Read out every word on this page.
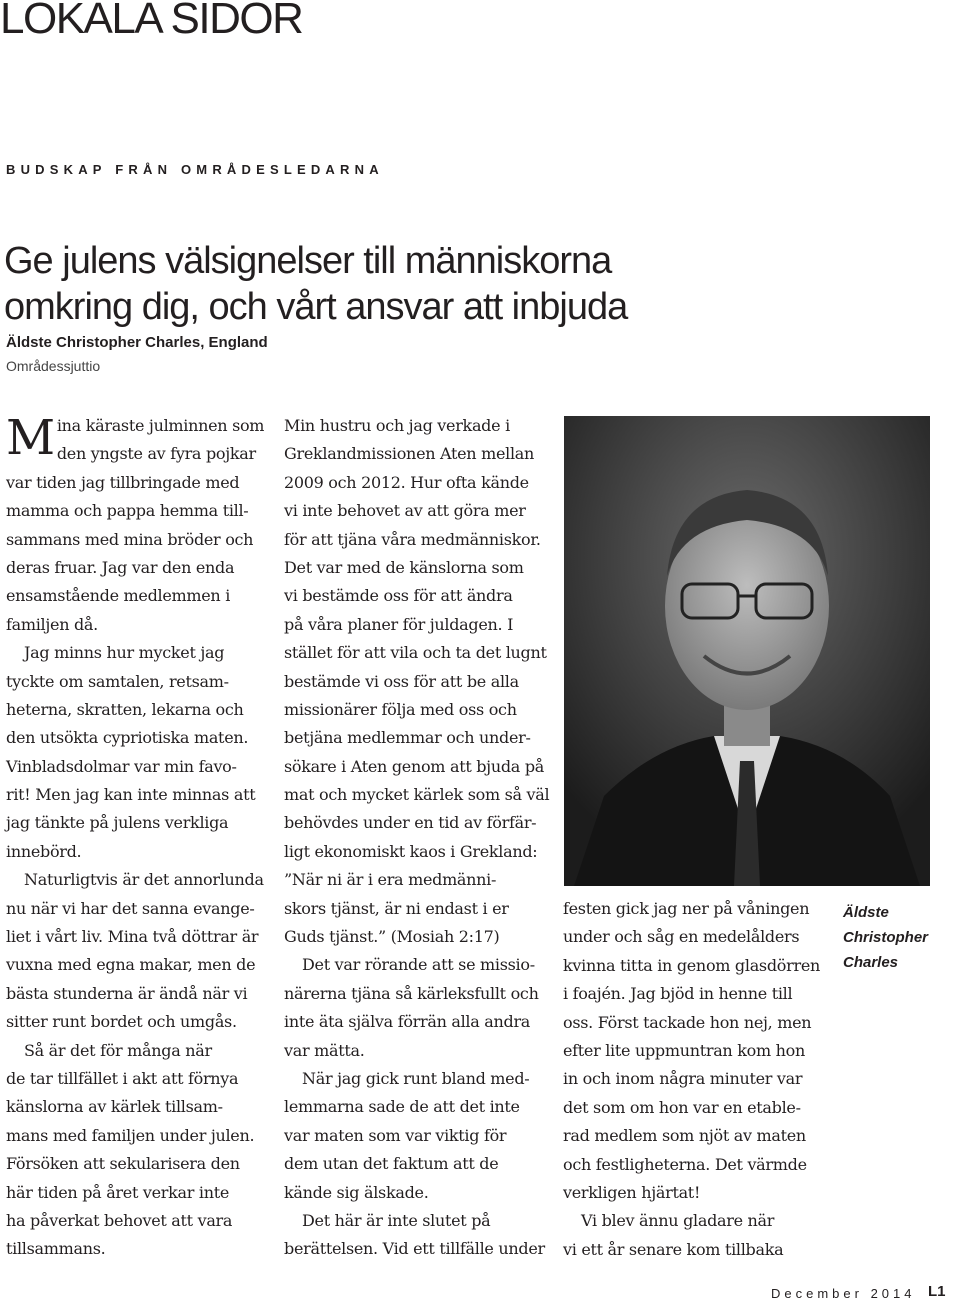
LOKALA SIDOR
BUDSKAP FRÅN OMRÅDESLEDARNA
Ge julens välsignelser till människorna
omkring dig, och vårt ansvar att inbjuda
Äldste Christopher Charles, England
Områdessjuttio
M ina käraste julminnen som
den yngste av fyra pojkar
var tiden jag tillbringade med
mamma och pappa hemma till-
sammans med mina bröder och
deras fruar. Jag var den enda
ensamstående medlemmen i
familjen då.
Jag minns hur mycket jag
tyckte om samtalen, retsam-
heterna, skratten, lekarna och
den utsökta cypriotiska maten.
Vinbladsdolmar var min favo-
rit! Men jag kan inte minnas att
jag tänkte på julens verkliga
innebörd.
Naturligtvis är det annorlunda
nu när vi har det sanna evange-
liet i vårt liv. Mina två döttrar är
vuxna med egna makar, men de
bästa stunderna är ändå när vi
sitter runt bordet och umgås.
Så är det för många när
de tar tillfället i akt att förnya
känslorna av kärlek tillsam-
mans med familjen under julen.
Försöken att sekularisera den
här tiden på året verkar inte
ha påverkat behovet att vara
tillsammans.
Min hustru och jag verkade i
Greklandmissionen Aten mellan
2009 och 2012. Hur ofta kände
vi inte behovet av att göra mer
för att tjäna våra medmänniskor.
Det var med de känslorna som
vi bestämde oss för att ändra
på våra planer för juldagen. I
stället för att vila och ta det lugnt
bestämde vi oss för att be alla
missionärer följa med oss och
betjäna medlemmar och under-
sökare i Aten genom att bjuda på
mat och mycket kärlek som så väl
behövdes under en tid av förfär-
ligt ekonomiskt kaos i Grekland:
”När ni är i era medmänni-
skors tjänst, är ni endast i er
Guds tjänst.” (Mosiah 2:17)
Det var rörande att se missio-
närerna tjäna så kärleksfullt och
inte äta själva förrän alla andra
var mätta.
När jag gick runt bland med-
lemmarna sade de att det inte
var maten som var viktig för
dem utan det faktum att de
kände sig älskade.
Det här är inte slutet på
berättelsen. Vid ett tillfälle under
Äldste
Christopher
Charles
festen gick jag ner på våningen
under och såg en medelålders
kvinna titta in genom glasdörren
i foajén. Jag bjöd in henne till
oss. Först tackade hon nej, men
efter lite uppmuntran kom hon
in och inom några minuter var
det som om hon var en etable-
rad medlem som njöt av maten
och festligheterna. Det värmde
verkligen hjärtat!
Vi blev ännu gladare när
vi ett år senare kom tillbaka
December 2014 L1
